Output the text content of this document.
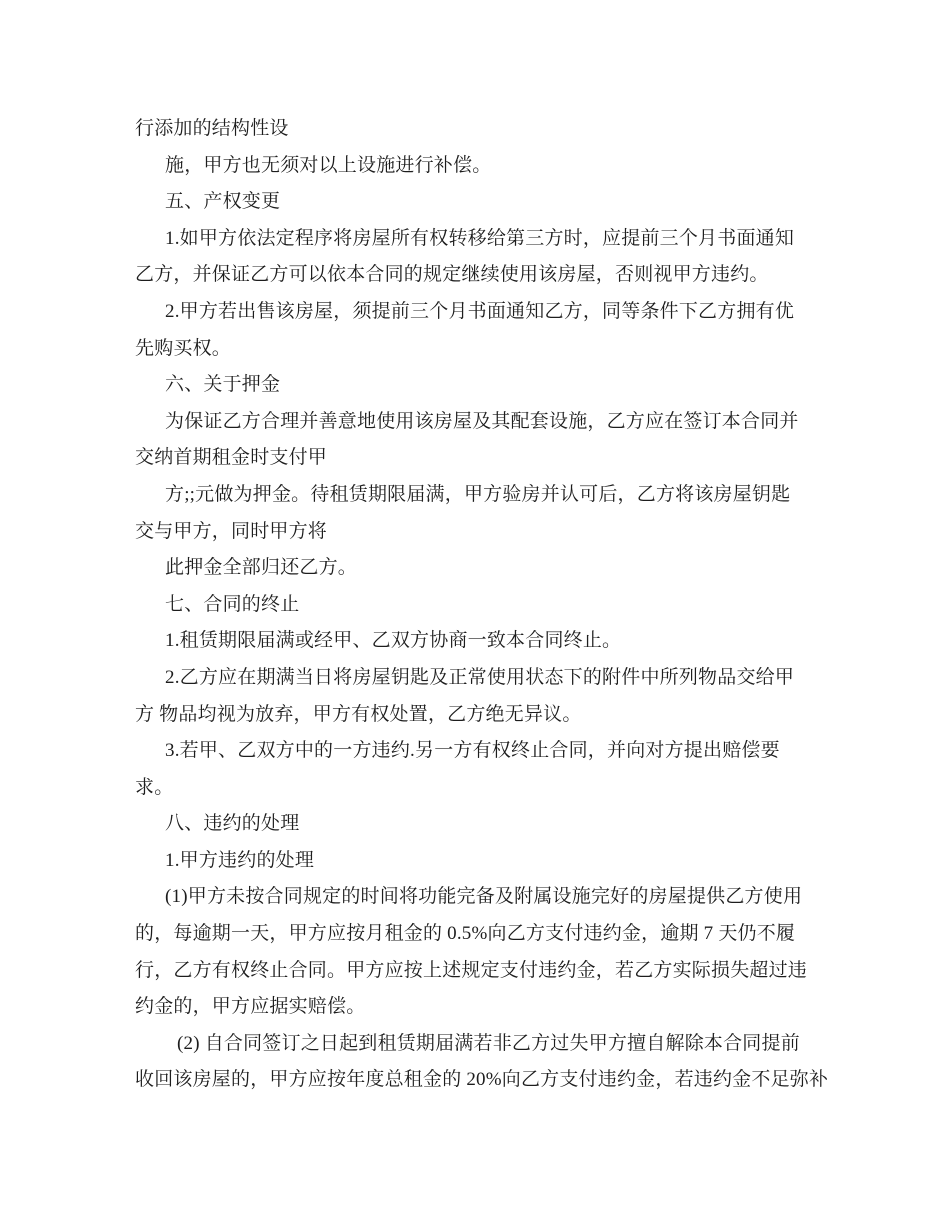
行添加的结构性设
施，甲方也无须对以上设施进行补偿。
五、产权变更
1.如甲方依法定程序将房屋所有权转移给第三方时，应提前三个月书面通知
乙方，并保证乙方可以依本合同的规定继续使用该房屋，否则视甲方违约。
2.甲方若出售该房屋，须提前三个月书面通知乙方，同等条件下乙方拥有优
先购买权。
六、关于押金
为保证乙方合理并善意地使用该房屋及其配套设施，乙方应在签订本合同并
交纳首期租金时支付甲
方;;元做为押金。待租赁期限届满，甲方验房并认可后，乙方将该房屋钥匙
交与甲方，同时甲方将
此押金全部归还乙方。
七、合同的终止
1.租赁期限届满或经甲、乙双方协商一致本合同终止。
2.乙方应在期满当日将房屋钥匙及正常使用状态下的附件中所列物品交给甲
方 物品均视为放弃，甲方有权处置，乙方绝无异议。
3.若甲、乙双方中的一方违约.另一方有权终止合同，并向对方提出赔偿要
求。
八、违约的处理
1.甲方违约的处理
(1)甲方未按合同规定的时间将功能完备及附属设施完好的房屋提供乙方使用
的，每逾期一天，甲方应按月租金的 0.5%向乙方支付违约金，逾期 7 天仍不履
行，乙方有权终止合同。甲方应按上述规定支付违约金，若乙方实际损失超过违
约金的，甲方应据实赔偿。
(2) 自合同签订之日起到租赁期届满若非乙方过失甲方擅自解除本合同提前
收回该房屋的，甲方应按年度总租金的 20%向乙方支付违约金，若违约金不足弥补
